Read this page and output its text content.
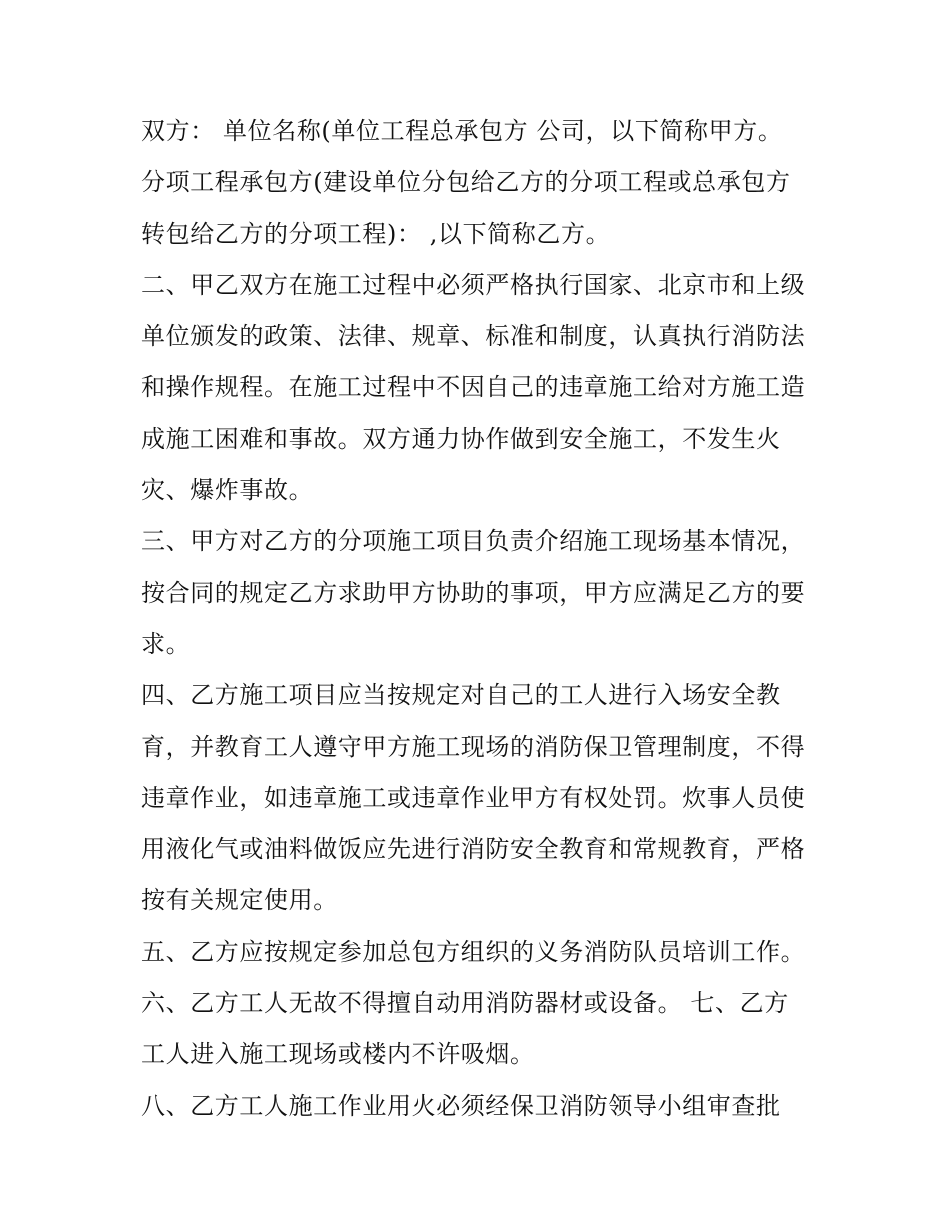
双方： 单位名称(单位工程总承包方 公司，以下简称甲方。
分项工程承包方(建设单位分包给乙方的分项工程或总承包方
转包给乙方的分项工程)： ,以下简称乙方。
二、甲乙双方在施工过程中必须严格执行国家、北京市和上级
单位颁发的政策、法律、规章、标准和制度，认真执行消防法
和操作规程。在施工过程中不因自己的违章施工给对方施工造
成施工困难和事故。双方通力协作做到安全施工，不发生火
灾、爆炸事故。
三、甲方对乙方的分项施工项目负责介绍施工现场基本情况，
按合同的规定乙方求助甲方协助的事项，甲方应满足乙方的要
求。
四、乙方施工项目应当按规定对自己的工人进行入场安全教
育，并教育工人遵守甲方施工现场的消防保卫管理制度，不得
违章作业，如违章施工或违章作业甲方有权处罚。炊事人员使
用液化气或油料做饭应先进行消防安全教育和常规教育，严格
按有关规定使用。
五、乙方应按规定参加总包方组织的义务消防队员培训工作。
六、乙方工人无故不得擅自动用消防器材或设备。 七、乙方
工人进入施工现场或楼内不许吸烟。
八、乙方工人施工作业用火必须经保卫消防领导小组审查批
